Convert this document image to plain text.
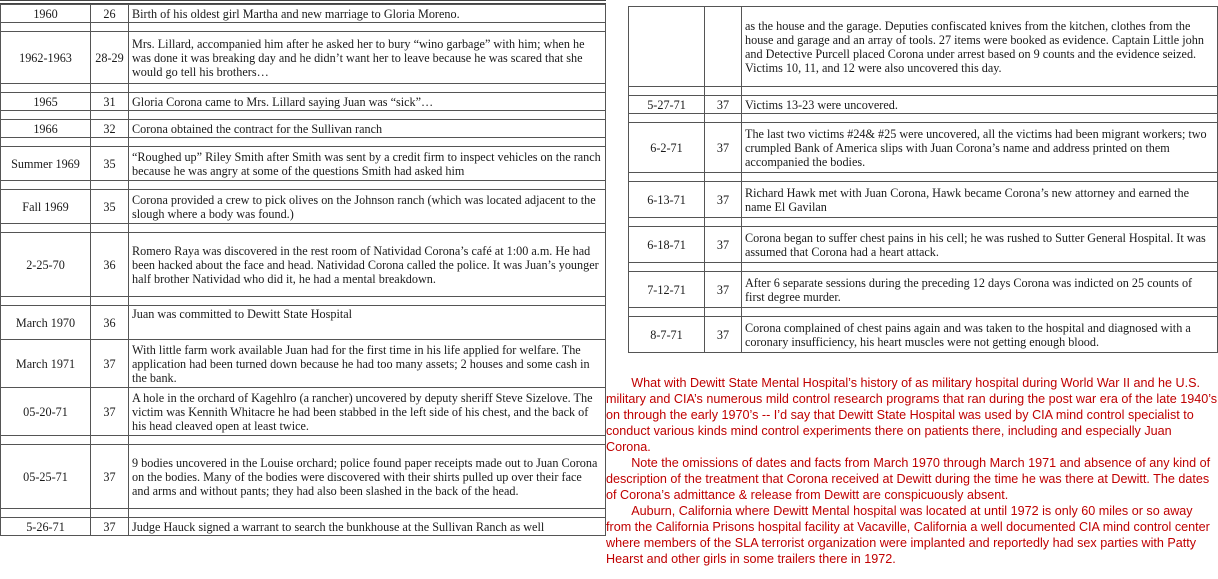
1960	26	Birth of his oldest girl Martha and new marriage to Gloria Moreno.

1962-1963	28-29	Mrs. Lillard, accompanied him after he asked her to bury “wino garbage” with him; when he was done it was breaking day and he didn’t want her to leave because he was scared that she would go tell his brothers…

1965	31	Gloria Corona came to Mrs. Lillard saying Juan was “sick”…

1966	32	Corona obtained the contract for the Sullivan ranch

Summer 1969	35	“Roughed up” Riley Smith after Smith was sent by a credit firm to inspect vehicles on the ranch because he was angry at some of the questions Smith had asked him

Fall 1969	35	Corona provided a crew to pick olives on the Johnson ranch (which was located adjacent to the slough where a body was found.)

2-25-70	36	Romero Raya was discovered in the rest room of Natividad Corona’s café at 1:00 a.m. He had been hacked about the face and head. Natividad Corona called the police. It was Juan’s younger half brother Natividad who did it, he had a mental breakdown.

March 1970	36	Juan was committed to Dewitt State Hospital
March 1971	37	With little farm work available Juan had for the first time in his life applied for welfare. The application had been turned down because he had too many assets; 2 houses and some cash in the bank.
05-20-71	37	A hole in the orchard of Kagehlro (a rancher) uncovered by deputy sheriff Steve Sizelove. The victim was Kennith Whitacre he had been stabbed in the left side of his chest, and the back of his head cleaved open at least twice.

05-25-71	37	9 bodies uncovered in the Louise orchard; police found paper receipts made out to Juan Corona on the bodies. Many of the bodies were discovered with their shirts pulled up over their face and arms and without pants; they had also been slashed in the back of the head.

5-26-71	37	Judge Hauck signed a warrant to search the bunkhouse at the Sullivan Ranch as well
		as the house and the garage. Deputies confiscated knives from the kitchen, clothes from the house and garage and an array of tools. 27 items were booked as evidence. Captain Little john and Detective Purcell placed Corona under arrest based on 9 counts and the evidence seized. Victims 10, 11, and 12 were also uncovered this day.

5-27-71	37	Victims 13-23 were uncovered.

6-2-71	37	The last two victims #24& #25 were uncovered, all the victims had been migrant workers; two crumpled Bank of America slips with Juan Corona’s name and address printed on them accompanied the bodies.

6-13-71	37	Richard Hawk met with Juan Corona, Hawk became Corona’s new attorney and earned the name El Gavilan

6-18-71	37	Corona began to suffer chest pains in his cell; he was rushed to Sutter General Hospital. It was assumed that Corona had a heart attack.

7-12-71	37	After 6 separate sessions during the preceding 12 days Corona was indicted on 25 counts of first degree murder.

8-7-71	37	Corona complained of chest pains again and was taken to the hospital and diagnosed with a coronary insufficiency, his heart muscles were not getting enough blood.

What with Dewitt State Mental Hospital’s history of as military hospital during World War II and he U.S. military and CIA’s numerous mild control research programs that ran during the post war era of the late 1940’s on through the early 1970’s -- I’d say that Dewitt State Hospital was used by CIA mind control specialist to conduct various kinds mind control experiments there on patients there, including and especially Juan Corona.

Note the omissions of dates and facts from March 1970 through March 1971 and absence of any kind of description of the treatment that Corona received at Dewitt during the time he was there at Dewitt. The dates of Corona’s admittance & release from Dewitt are conspicuously absent.

Auburn, California where Dewitt Mental hospital was located at until 1972 is only 60 miles or so away from the California Prisons hospital facility at Vacaville, California a well documented CIA mind control center where members of the SLA terrorist organization were implanted and reportedly had sex parties with Patty Hearst and other girls in some trailers there in 1972.
